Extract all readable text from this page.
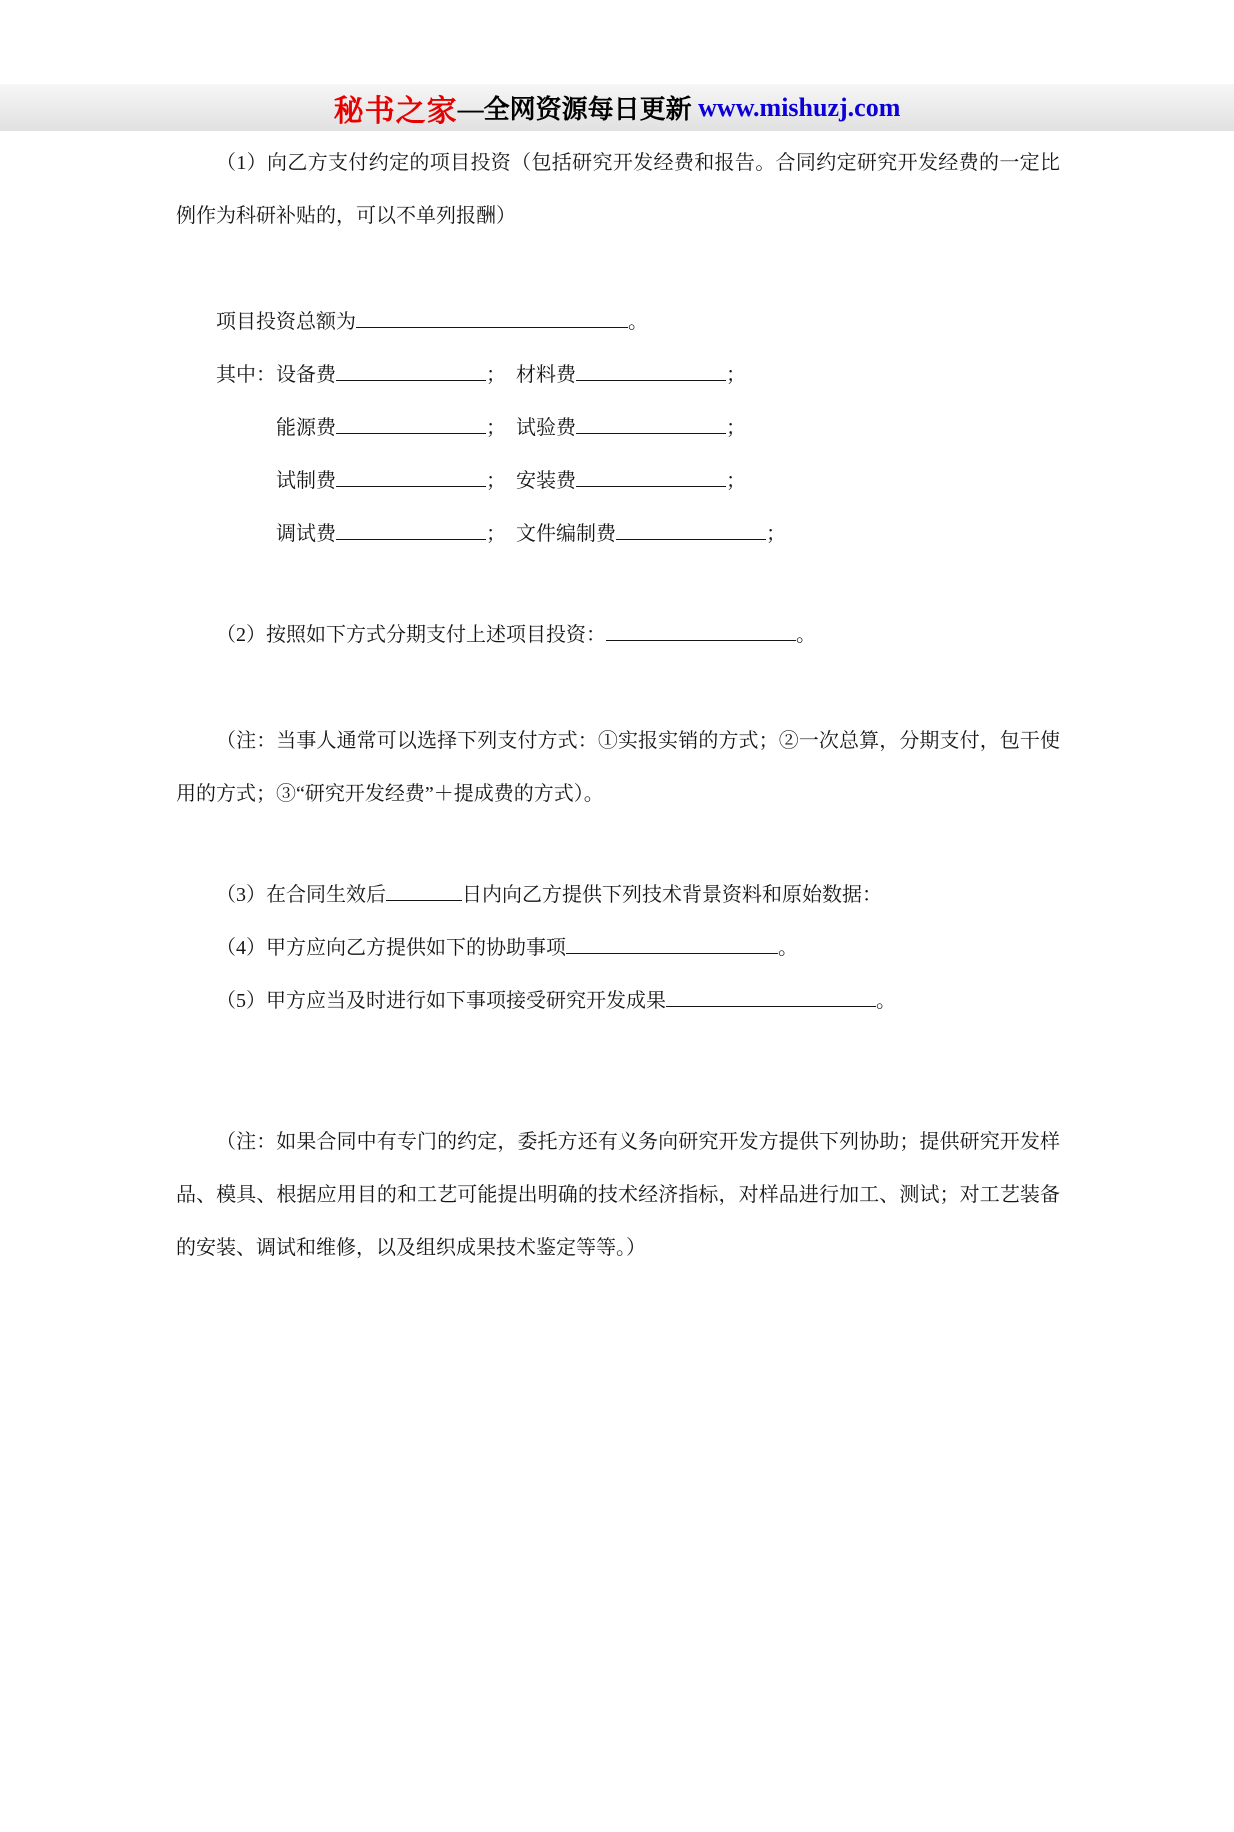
秘书之家 —全网资源每日更新 www.mishuzj.com

（1）向乙方支付约定的项目投资（包括研究开发经费和报告。合同约定研究开发经费的一定比例作为科研补贴的，可以不单列报酬）

项目投资总额为	。

其中：设备费	； 材料费	；

能源费	； 试验费	；

试制费	； 安装费	；

调试费	； 文件编制费	；

（2）按照如下方式分期支付上述项目投资：	。

（注：当事人通常可以选择下列支付方式：①实报实销的方式；②一次总算，分期支付，包干使用的方式；③“研究开发经费”＋提成费的方式）。

（3）在合同生效后	日内向乙方提供下列技术背景资料和原始数据：

（4）甲方应向乙方提供如下的协助事项	。

（5）甲方应当及时进行如下事项接受研究开发成果	。

（注：如果合同中有专门的约定，委托方还有义务向研究开发方提供下列协助；提供研究开发样品、模具、根据应用目的和工艺可能提出明确的技术经济指标，对样品进行加工、测试；对工艺装备的安装、调试和维修，以及组织成果技术鉴定等等。）
